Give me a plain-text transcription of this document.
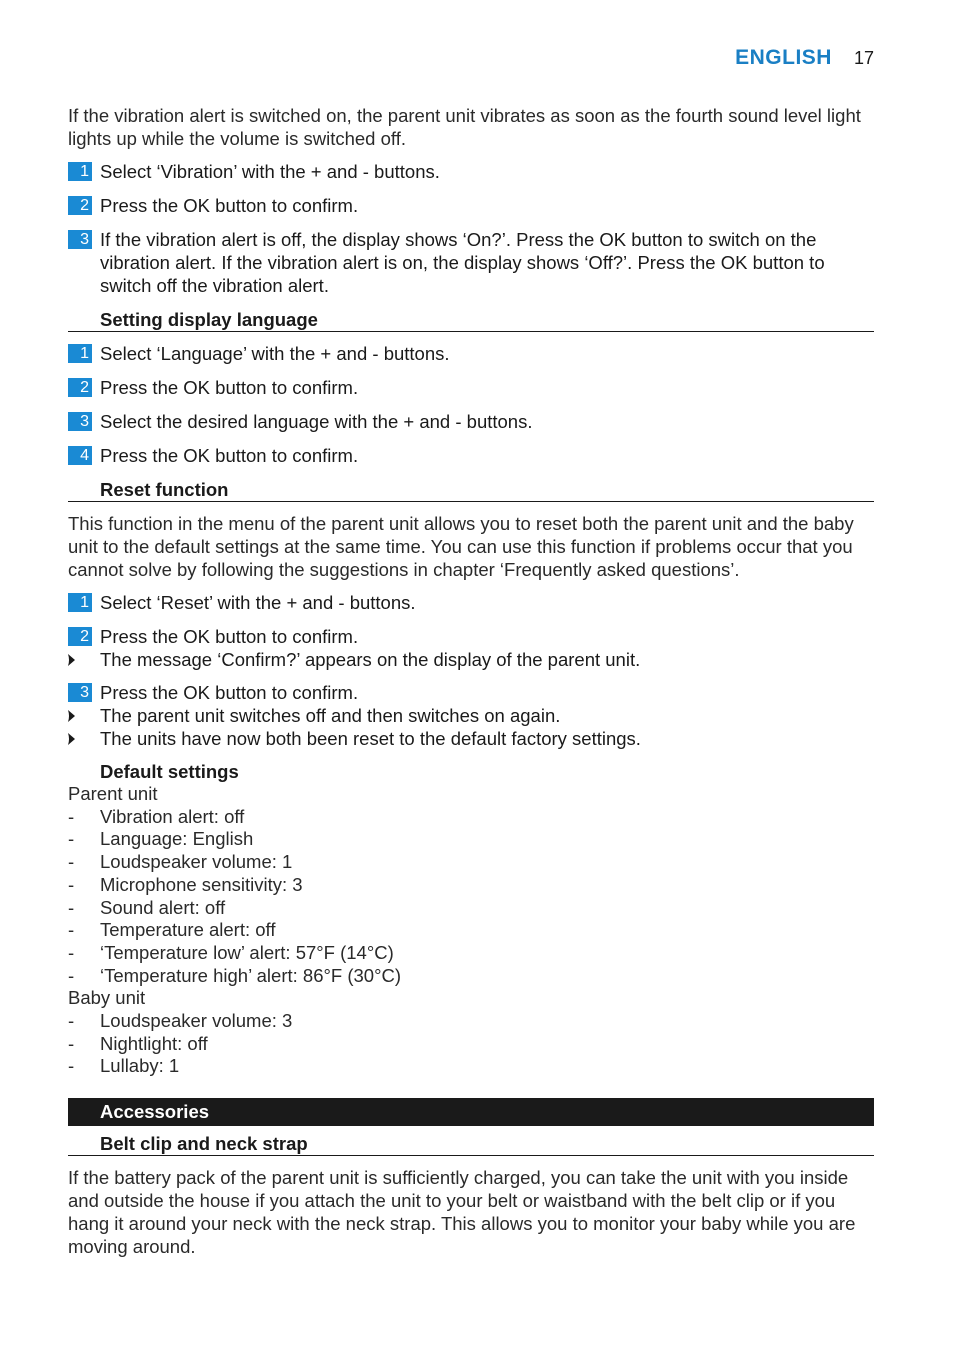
ENGLISH 17

If the vibration alert is switched on, the parent unit vibrates as soon as the fourth sound level light lights up while the volume is switched off.

1 Select ‘Vibration’ with the + and - buttons.
2 Press the OK button to confirm.
3 If the vibration alert is off, the display shows ‘On?’. Press the OK button to switch on the vibration alert. If the vibration alert is on, the display shows ‘Off?’. Press the OK button to switch off the vibration alert.
Setting display language
1 Select ‘Language’ with the + and - buttons.
2 Press the OK button to confirm.
3 Select the desired language with the + and - buttons.
4 Press the OK button to confirm.
Reset function

This function in the menu of the parent unit allows you to reset both the parent unit and the baby unit to the default settings at the same time. You can use this function if problems occur that you cannot solve by following the suggestions in chapter ‘Frequently asked questions’.

1 Select ‘Reset’ with the + and - buttons.
2 Press the OK button to confirm.
The message ‘Confirm?’ appears on the display of the parent unit.
3 Press the OK button to confirm.
The parent unit switches off and then switches on again.
The units have now both been reset to the default factory settings.
Default settings
Parent unit
-	Vibration alert: off
-	Language: English
-	Loudspeaker volume: 1
-	Microphone sensitivity: 3
-	Sound alert: off
-	Temperature alert: off
-	‘Temperature low’ alert: 57°F (14°C)
-	‘Temperature high’ alert: 86°F (30°C)
Baby unit
-	Loudspeaker volume: 3
-	Nightlight: off
-	Lullaby: 1
Accessories
Belt clip and neck strap

If the battery pack of the parent unit is sufficiently charged, you can take the unit with you inside and outside the house if you attach the unit to your belt or waistband with the belt clip or if you hang it around your neck with the neck strap. This allows you to monitor your baby while you are moving around.
